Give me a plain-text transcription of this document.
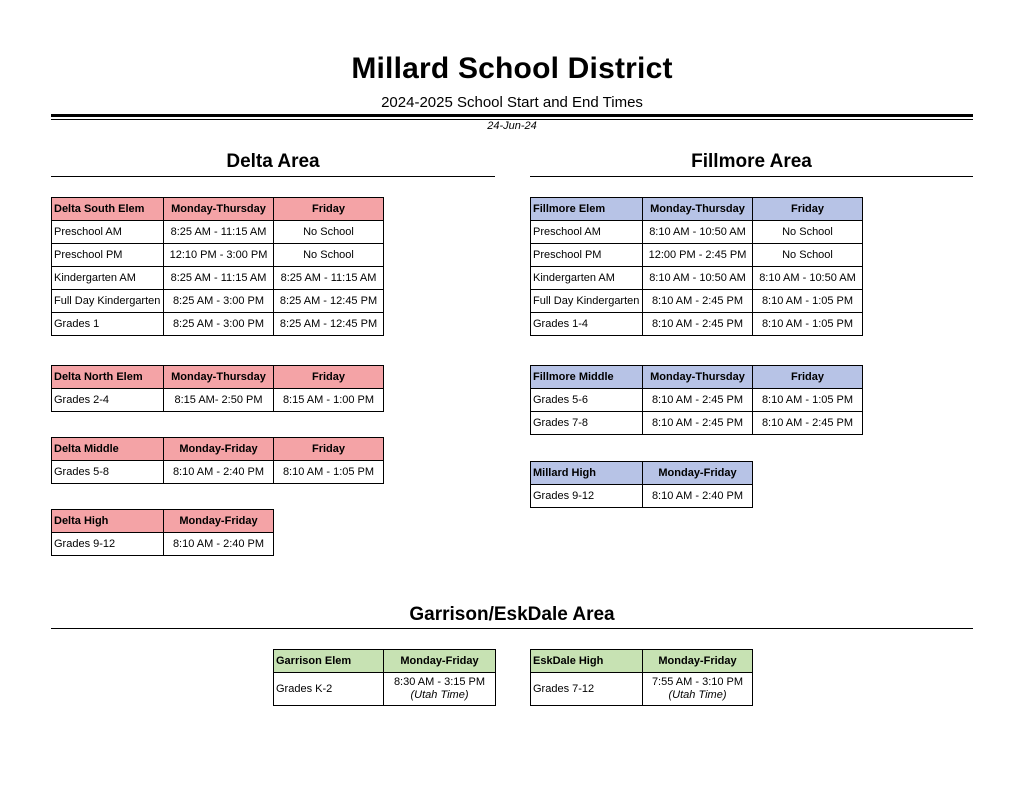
Millard School District
2024-2025 School Start and End Times
24-Jun-24
Delta Area	Fillmore Area
Garrison/EskDale Area
Delta South Elem	Monday-Thursday	Friday
Preschool AM	8:25 AM - 11:15 AM	No School
Preschool PM	12:10 PM - 3:00 PM	No School
Kindergarten AM	8:25 AM - 11:15 AM	8:25 AM - 11:15 AM
Full Day Kindergarten	8:25 AM - 3:00 PM	8:25 AM - 12:45 PM
Grades 1	8:25 AM - 3:00 PM	8:25 AM - 12:45 PM
Delta North Elem	Monday-Thursday	Friday
Grades 2-4	8:15 AM- 2:50 PM	8:15 AM - 1:00 PM
Delta Middle	Monday-Friday	Friday
Grades 5-8	8:10 AM - 2:40 PM	8:10 AM - 1:05 PM
Delta High	Monday-Friday
Grades 9-12	8:10 AM - 2:40 PM
Fillmore Elem	Monday-Thursday	Friday
Preschool AM	8:10 AM - 10:50 AM	No School
Preschool PM	12:00 PM - 2:45 PM	No School
Kindergarten AM	8:10 AM - 10:50 AM	8:10 AM - 10:50 AM
Full Day Kindergarten	8:10 AM - 2:45 PM	8:10 AM - 1:05 PM
Grades 1-4	8:10 AM - 2:45 PM	8:10 AM - 1:05 PM
Fillmore Middle	Monday-Thursday	Friday
Grades 5-6	8:10 AM - 2:45 PM	8:10 AM - 1:05 PM
Grades 7-8	8:10 AM - 2:45 PM	8:10 AM - 2:45 PM
Millard High	Monday-Friday
Grades 9-12	8:10 AM - 2:40 PM
Garrison Elem	Monday-Friday
Grades K-2	8:30 AM - 3:15 PM
(Utah Time)
EskDale High	Monday-Friday
Grades 7-12	7:55 AM - 3:10 PM
(Utah Time)
